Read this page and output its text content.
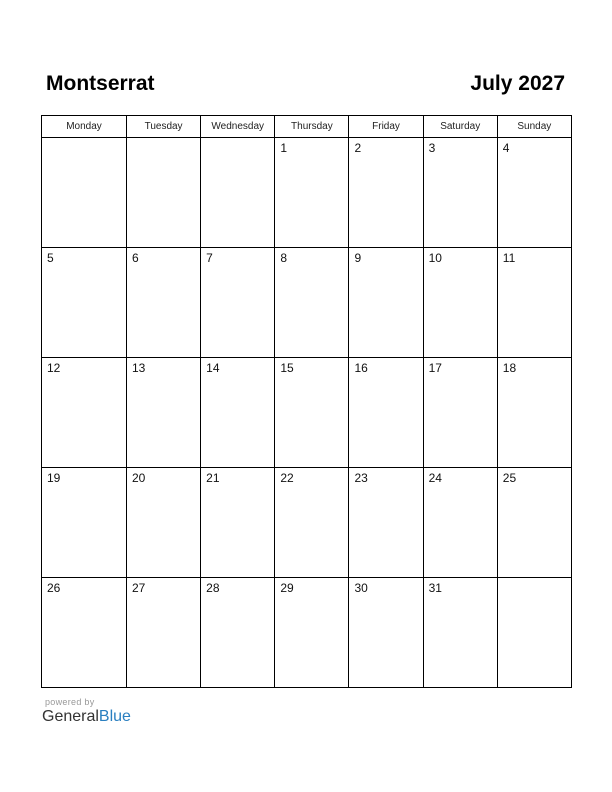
Montserrat	July 2027
Monday	Tuesday	Wednesday	Thursday	Friday	Saturday	Sunday

			1	2	3	4

5	6	7	8	9	10	11

12	13	14	15	16	17	18

19	20	21	22	23	24	25

26	27	28	29	30	31	

powered by
GeneralBlue
